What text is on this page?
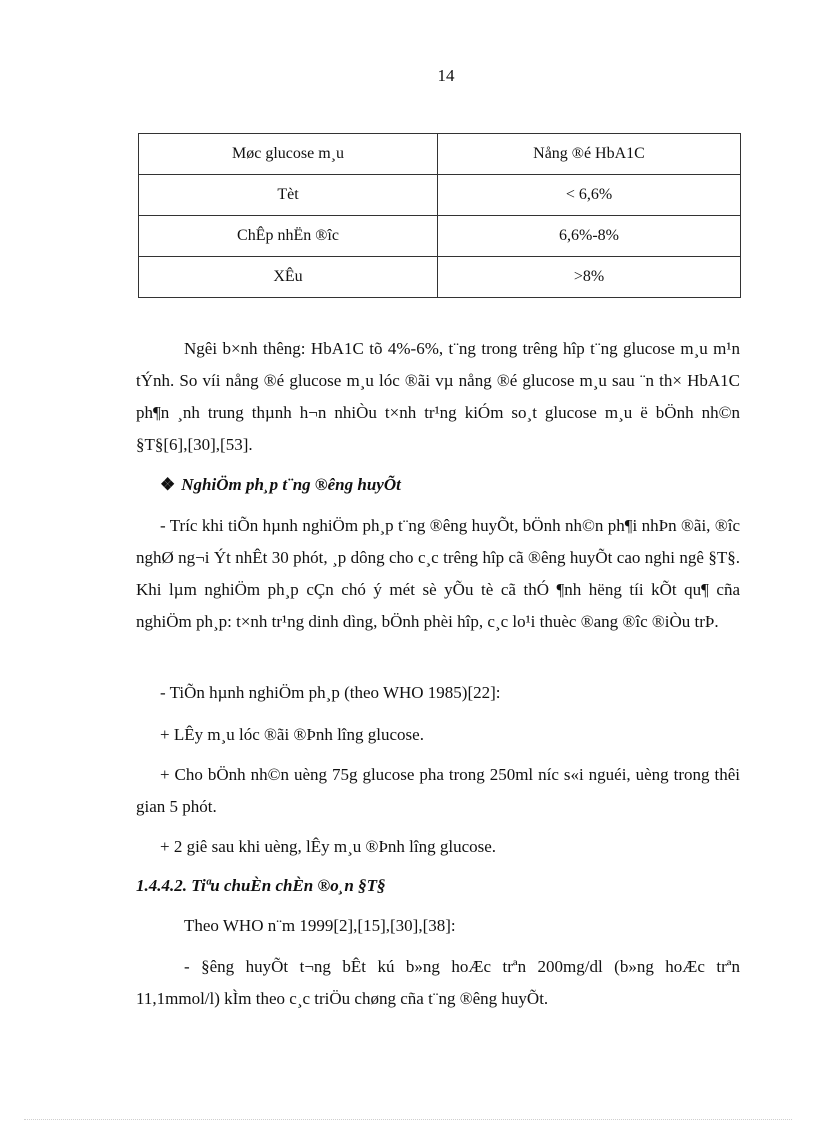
14
Møc glucose m¸u	Nång ®é HbA1C
Tèt	< 6,6%
ChÊp nhËn ®îc	6,6%-8%
XÊu	>8%

Ngêi b×nh thêng: HbA1C tõ 4%-6%, t¨ng trong trêng hîp t¨ng glucose m¸u m¹n tÝnh. So víi nång ®é glucose m¸u lóc ®ãi vµ nång ®é glucose m¸u sau ¨n th× HbA1C ph¶n ¸nh trung thµnh h¬n nhiÒu t×nh tr¹ng kiÓm so¸t glucose m¸u ë bÖnh nh©n §T§[6],[30],[53].

❖ NghiÖm ph¸p t¨ng ®êng huyÕt

- Tríc khi tiÕn hµnh nghiÖm ph¸p t¨ng ®êng huyÕt, bÖnh nh©n ph¶i nhÞn ®ãi, ®îc nghØ ng¬i Ýt nhÊt 30 phót, ¸p dông cho c¸c trêng hîp cã ®êng huyÕt cao nghi ngê §T§. Khi lµm nghiÖm ph¸p cÇn chó ý mét sè yÕu tè cã thÓ ¶nh hëng tíi kÕt qu¶ cña nghiÖm ph¸p: t×nh tr¹ng dinh dìng, bÖnh phèi hîp, c¸c lo¹i thuèc ®ang ®îc ®iÒu trÞ.

- TiÕn hµnh nghiÖm ph¸p (theo WHO 1985)[22]:

+ LÊy m¸u lóc ®ãi ®Þnh lîng glucose.

+ Cho bÖnh nh©n uèng 75g glucose pha trong 250ml níc s«i nguéi, uèng trong thêi gian 5 phót.

+ 2 giê sau khi uèng, lÊy m¸u ®Þnh lîng glucose.

1.4.4.2. Tiªu chuÈn chÈn ®o¸n §T§

Theo WHO n¨m 1999[2],[15],[30],[38]:

- §êng huyÕt t¬ng bÊt kú b»ng hoÆc trªn 200mg/dl (b»ng hoÆc trªn 11,1mmol/l) kÌm theo c¸c triÖu chøng cña t¨ng ®êng huyÕt.
